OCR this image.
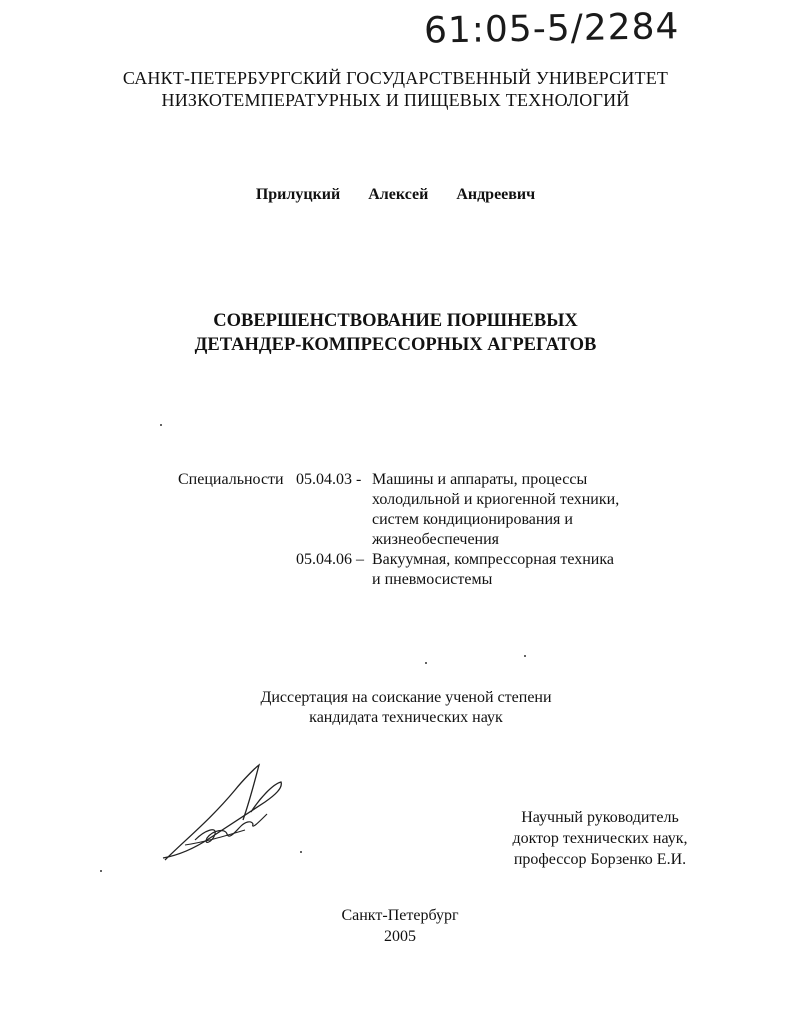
61:05-5/2284
САНКТ-ПЕТЕРБУРГСКИЙ ГОСУДАРСТВЕННЫЙ УНИВЕРСИТЕТ
НИЗКОТЕМПЕРАТУРНЫХ И ПИЩЕВЫХ ТЕХНОЛОГИЙ
Прилуцкий Алексей Андреевич
СОВЕРШЕНСТВОВАНИЕ ПОРШНЕВЫХ
ДЕТАНДЕР-КОМПРЕССОРНЫХ АГРЕГАТОВ
Специальности 05.04.03 - Машины и аппараты, процессы
холодильной и криогенной техники,
систем кондиционирования и
жизнеобеспечения
05.04.06 – Вакуумная, компрессорная техника
и пневмосистемы
Диссертация на соискание ученой степени
кандидата технических наук
Научный руководитель
доктор технических наук,
профессор Борзенко Е.И.
Санкт-Петербург
2005
